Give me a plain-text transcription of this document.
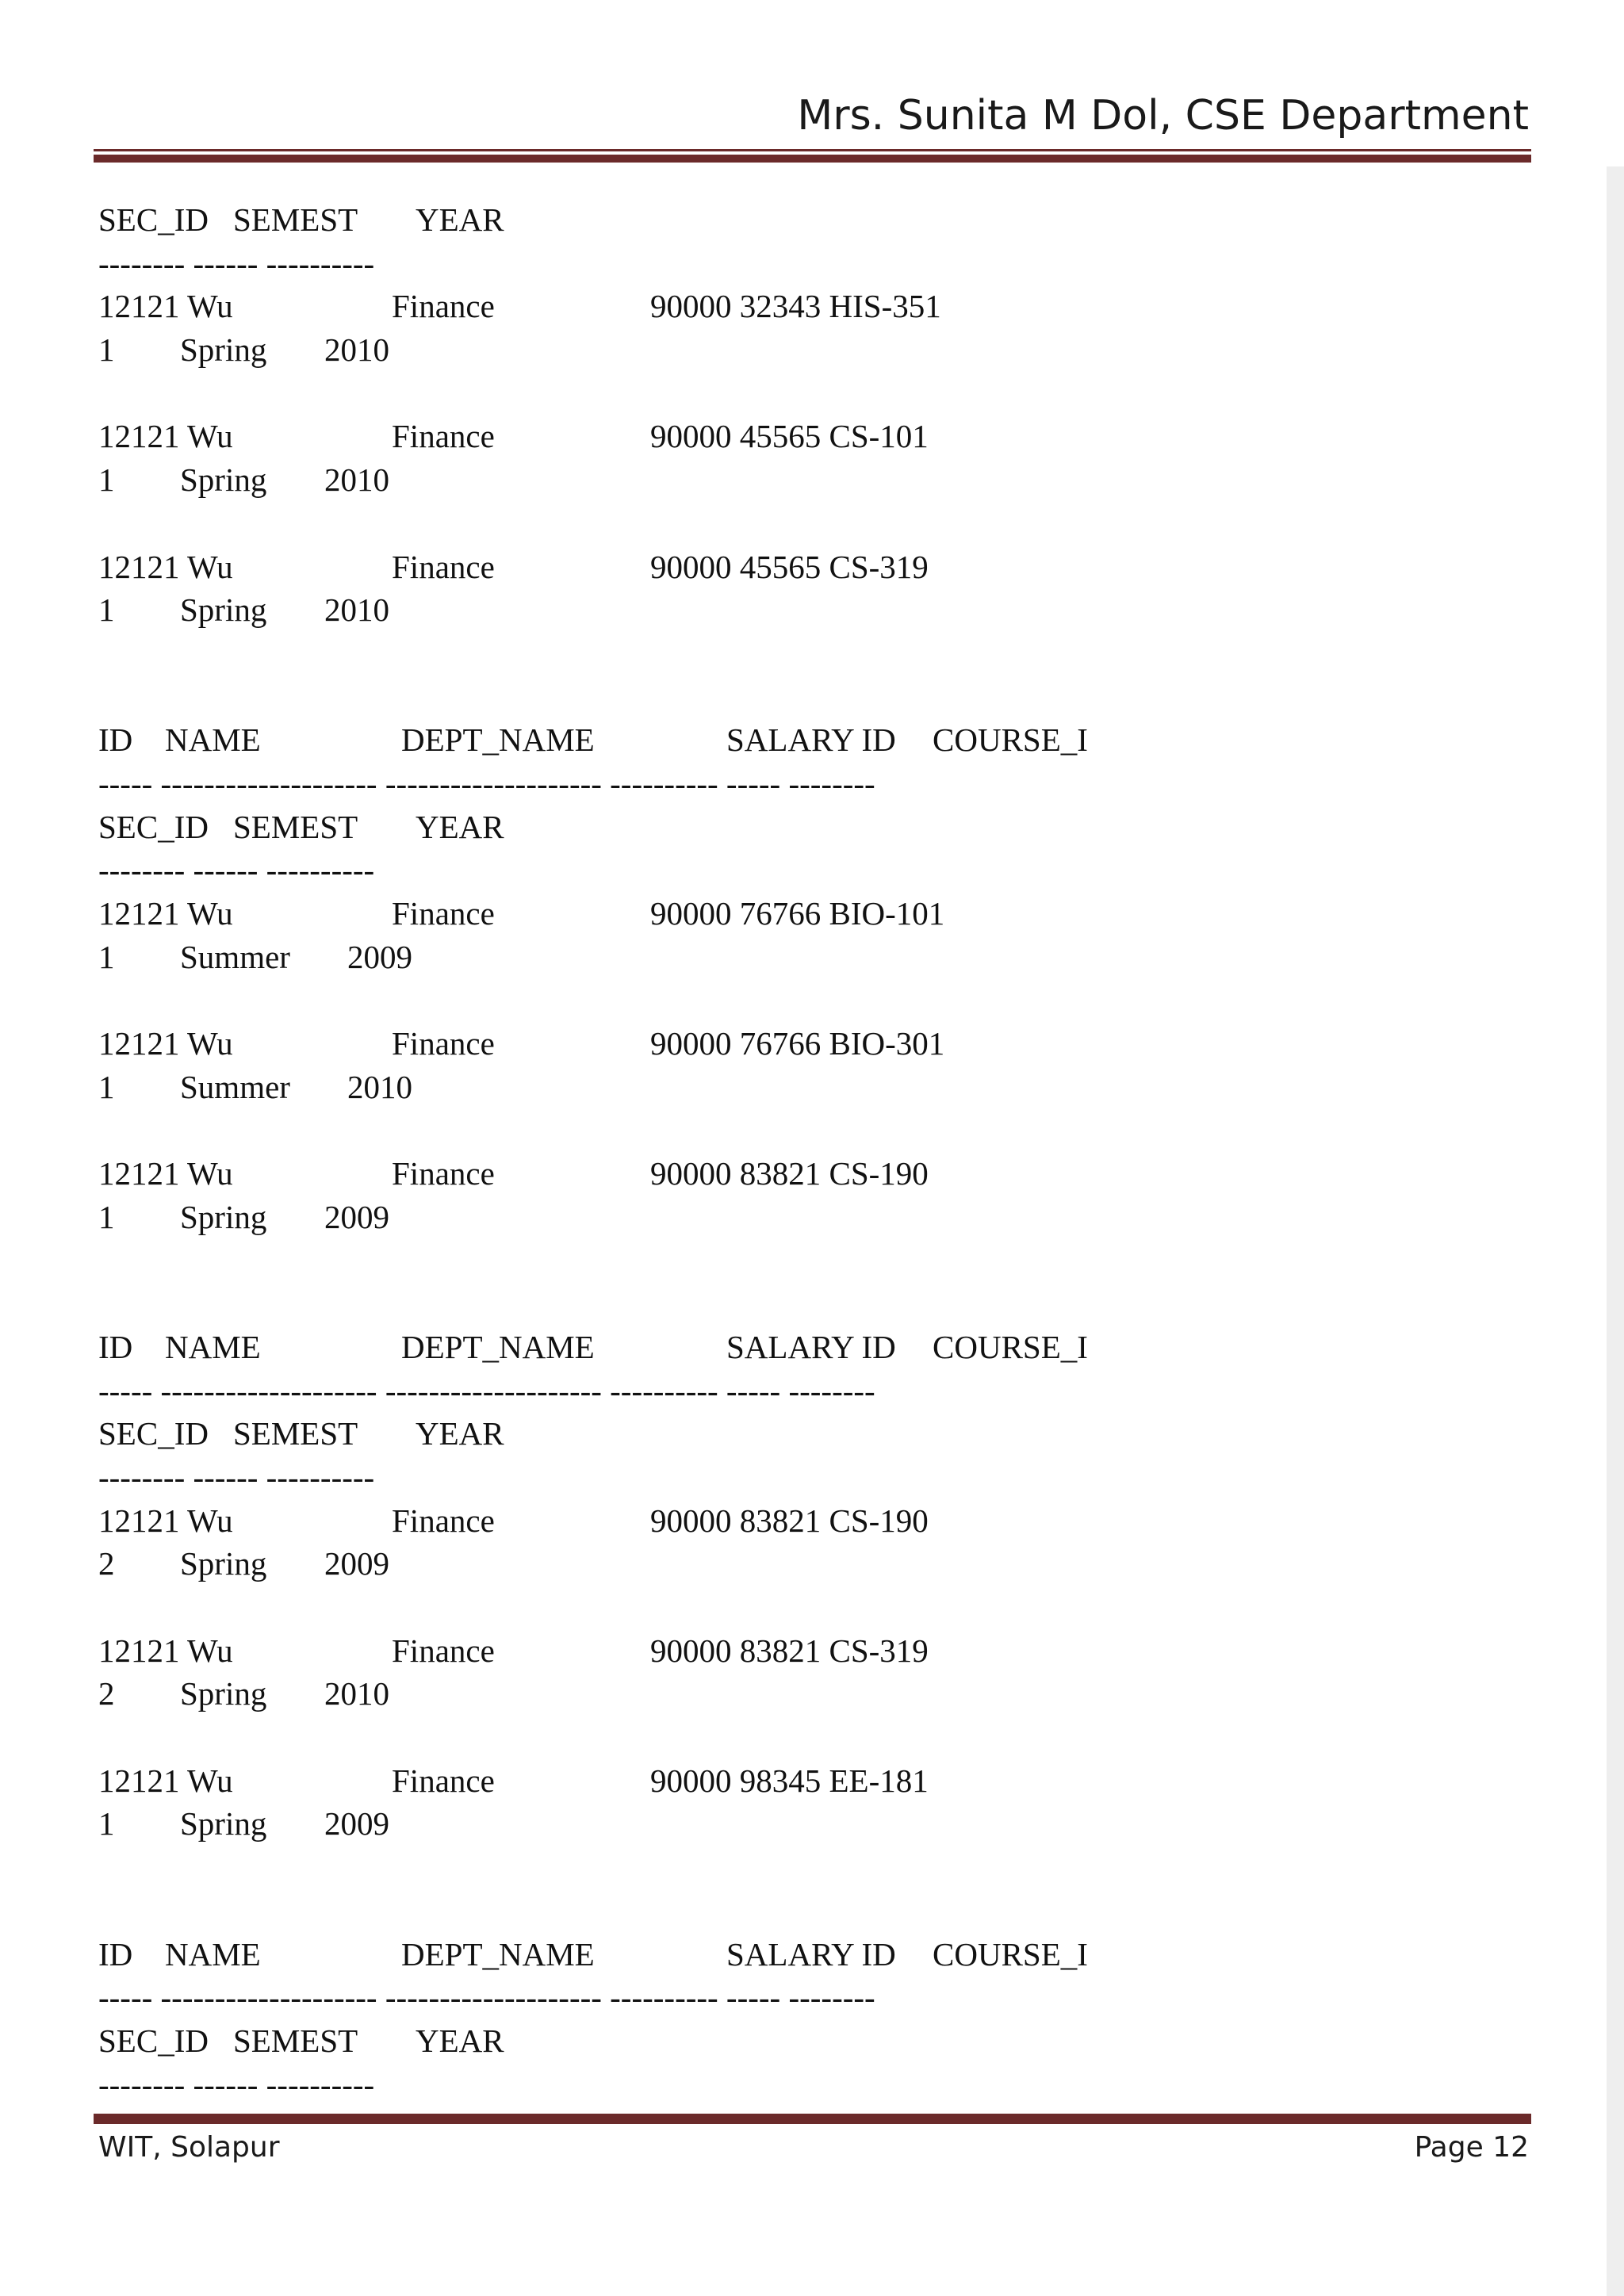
Mrs. Sunita M Dol, CSE Department
SEC_ID SEMEST YEAR
-------- ------ ----------
12121 Wu	Finance	90000 32343 HIS-351
1 Spring 2010
12121 Wu	Finance	90000 45565 CS-101
1 Spring 2010
12121 Wu	Finance	90000 45565 CS-319
1 Spring 2010
ID NAME	DEPT_NAME	SALARY ID COURSE_I
----- -------------------- -------------------- ---------- ----- --------
SEC_ID SEMEST YEAR
-------- ------ ----------
12121 Wu	Finance	90000 76766 BIO-101
1 Summer 2009
12121 Wu	Finance	90000 76766 BIO-301
1 Summer 2010
12121 Wu	Finance	90000 83821 CS-190
1 Spring 2009
ID NAME	DEPT_NAME	SALARY ID COURSE_I
----- -------------------- -------------------- ---------- ----- --------
SEC_ID SEMEST YEAR
-------- ------ ----------
12121 Wu	Finance	90000 83821 CS-190
2 Spring 2009
12121 Wu	Finance	90000 83821 CS-319
2 Spring 2010
12121 Wu	Finance	90000 98345 EE-181
1 Spring 2009
ID NAME	DEPT_NAME	SALARY ID COURSE_I
----- -------------------- -------------------- ---------- ----- --------
SEC_ID SEMEST YEAR
-------- ------ ----------
WIT, Solapur	Page 12
